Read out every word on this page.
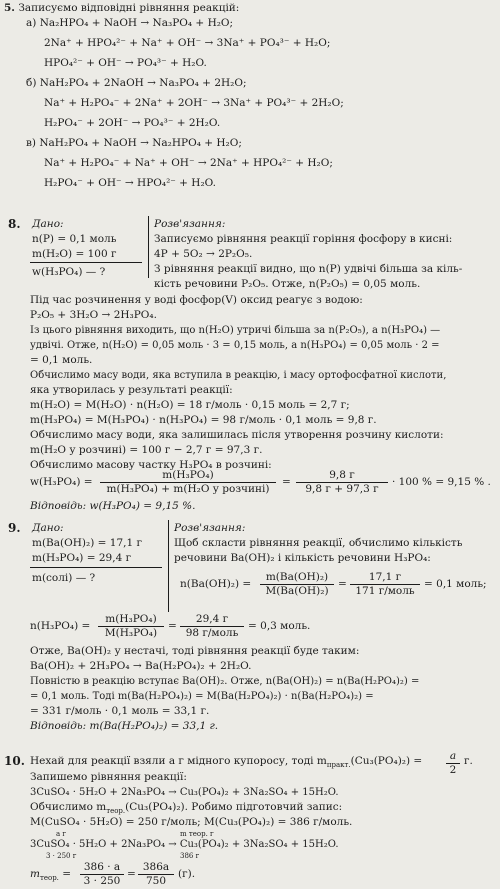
5. Записуємо відповідні рівняння реакцій:
а) Na₂HPO₄ + NaOH → Na₃PO₄ + H₂O;
2Na⁺ + HPO₄²⁻ + Na⁺ + OH⁻ → 3Na⁺ + PO₄³⁻ + H₂O;
HPO₄²⁻ + OH⁻ → PO₄³⁻ + H₂O.
б) NaH₂PO₄ + 2NaOH → Na₃PO₄ + 2H₂O;
Na⁺ + H₂PO₄⁻ + 2Na⁺ + 2OH⁻ → 3Na⁺ + PO₄³⁻ + 2H₂O;
H₂PO₄⁻ + 2OH⁻ → PO₄³⁻ + 2H₂O.
в) NaH₂PO₄ + NaOH → Na₂HPO₄ + H₂O;
Na⁺ + H₂PO₄⁻ + Na⁺ + OH⁻ → 2Na⁺ + HPO₄²⁻ + H₂O;
H₂PO₄⁻ + OH⁻ → HPO₄²⁻ + H₂O.
8. Дано:
n(P) = 0,1 моль
m(H₂O) = 100 г
w(H₃PO₄) — ?
Розв'язання:
Записуємо рівняння реакції горіння фосфору в кисні:
4P + 5O₂ → 2P₂O₅.
З рівняння реакції видно, що n(P) удвічі більша за кіль-
кість речовини P₂O₅. Отже, n(P₂O₅) = 0,05 моль.
Під час розчинення у воді фосфор(V) оксид реагує з водою:
P₂O₅ + 3H₂O → 2H₃PO₄.
Із цього рівняння виходить, що n(H₂O) утричі більша за n(P₂O₅), а n(H₃PO₄) —
удвічі. Отже, n(H₂O) = 0,05 моль · 3 = 0,15 моль, а n(H₃PO₄) = 0,05 моль · 2 =
= 0,1 моль.
Обчислимо масу води, яка вступила в реакцію, і масу ортофосфатної кислоти,
яка утворилась у результаті реакції:
m(H₂O) = M(H₂O) · n(H₂O) = 18 г/моль · 0,15 моль = 2,7 г;
m(H₃PO₄) = M(H₃PO₄) · n(H₃PO₄) = 98 г/моль · 0,1 моль = 9,8 г.
Обчислимо масу води, яка залишилась після утворення розчину кислоти:
m(H₂O у розчині) = 100 г − 2,7 г = 97,3 г.
Обчислимо масову частку H₃PO₄ в розчині:
w(H₃PO₄) =
m(H₃PO₄)
m(H₃PO₄) + m(H₂O у розчині)
=
9,8 г
9,8 г + 97,3 г
· 100 % = 9,15 % .
Відповідь: w(H₃PO₄) = 9,15 %.
9. Дано:
m(Ba(OH)₂) = 17,1 г
m(H₃PO₄) = 29,4 г
m(солі) — ?
Розв'язання:
Щоб скласти рівняння реакції, обчислимо кількість
речовини Ba(OH)₂ і кількість речовини H₃PO₄:
$n(Ba(OH)_2) = \frac{\text{m(Ba(OH)₂)}}{\text{M(Ba(OH)₂)}}$ =
17,1 г
171 г/моль
= 0,1 моль;
$n(H_3PO_4) = \frac{\text{m(H₃PO₄)}}{\text{M(H₃PO₄)}}$ =
29,4 г
98 г/моль
= 0,3 моль.
Отже, Ba(OH)₂ у нестачі, тоді рівняння реакції буде таким:
Ba(OH)₂ + 2H₃PO₄ → Ba(H₂PO₄)₂ + 2H₂O.
Повністю в реакцію вступає Ba(OH)₂. Отже, n(Ba(OH)₂) = n(Ba(H₂PO₄)₂) =
= 0,1 моль. Тоді m(Ba(H₂PO₄)₂) = M(Ba(H₂PO₄)₂) · n(Ba(H₂PO₄)₂) =
= 331 г/моль · 0,1 моль = 33,1 г.
Відповідь: m(Ba(H₂PO₄)₂) = 33,1 г.
10. Нехай для реакції взяли a г мідного купоросу, тоді $m_{практ.}(Cu_3(PO_4)_2) = \frac{a}{2} г$.
Запишемо рівняння реакції:
3CuSO₄ · 5H₂O + 2Na₃PO₄ → Cu₃(PO₄)₂ + 3Na₂SO₄ + 15H₂O.
Обчислимо $m_{теор.}(Cu_3(PO_4)_2)$. Робимо підготовчий запис:
M(CuSO₄ · 5H₂O) = 250 г/моль; M(Cu₃(PO₄)₂) = 386 г/моль.
a г	m теор. г
3CuSO₄ · 5H₂O + 2Na₃PO₄ → Cu₃(PO₄)₂ + 3Na₂SO₄ + 15H₂O.
3 · 250 г	386 г
$m_{теор.} = \frac{386 \cdot a}{3 \cdot 250} = \frac{386a}{750} (г)$.
